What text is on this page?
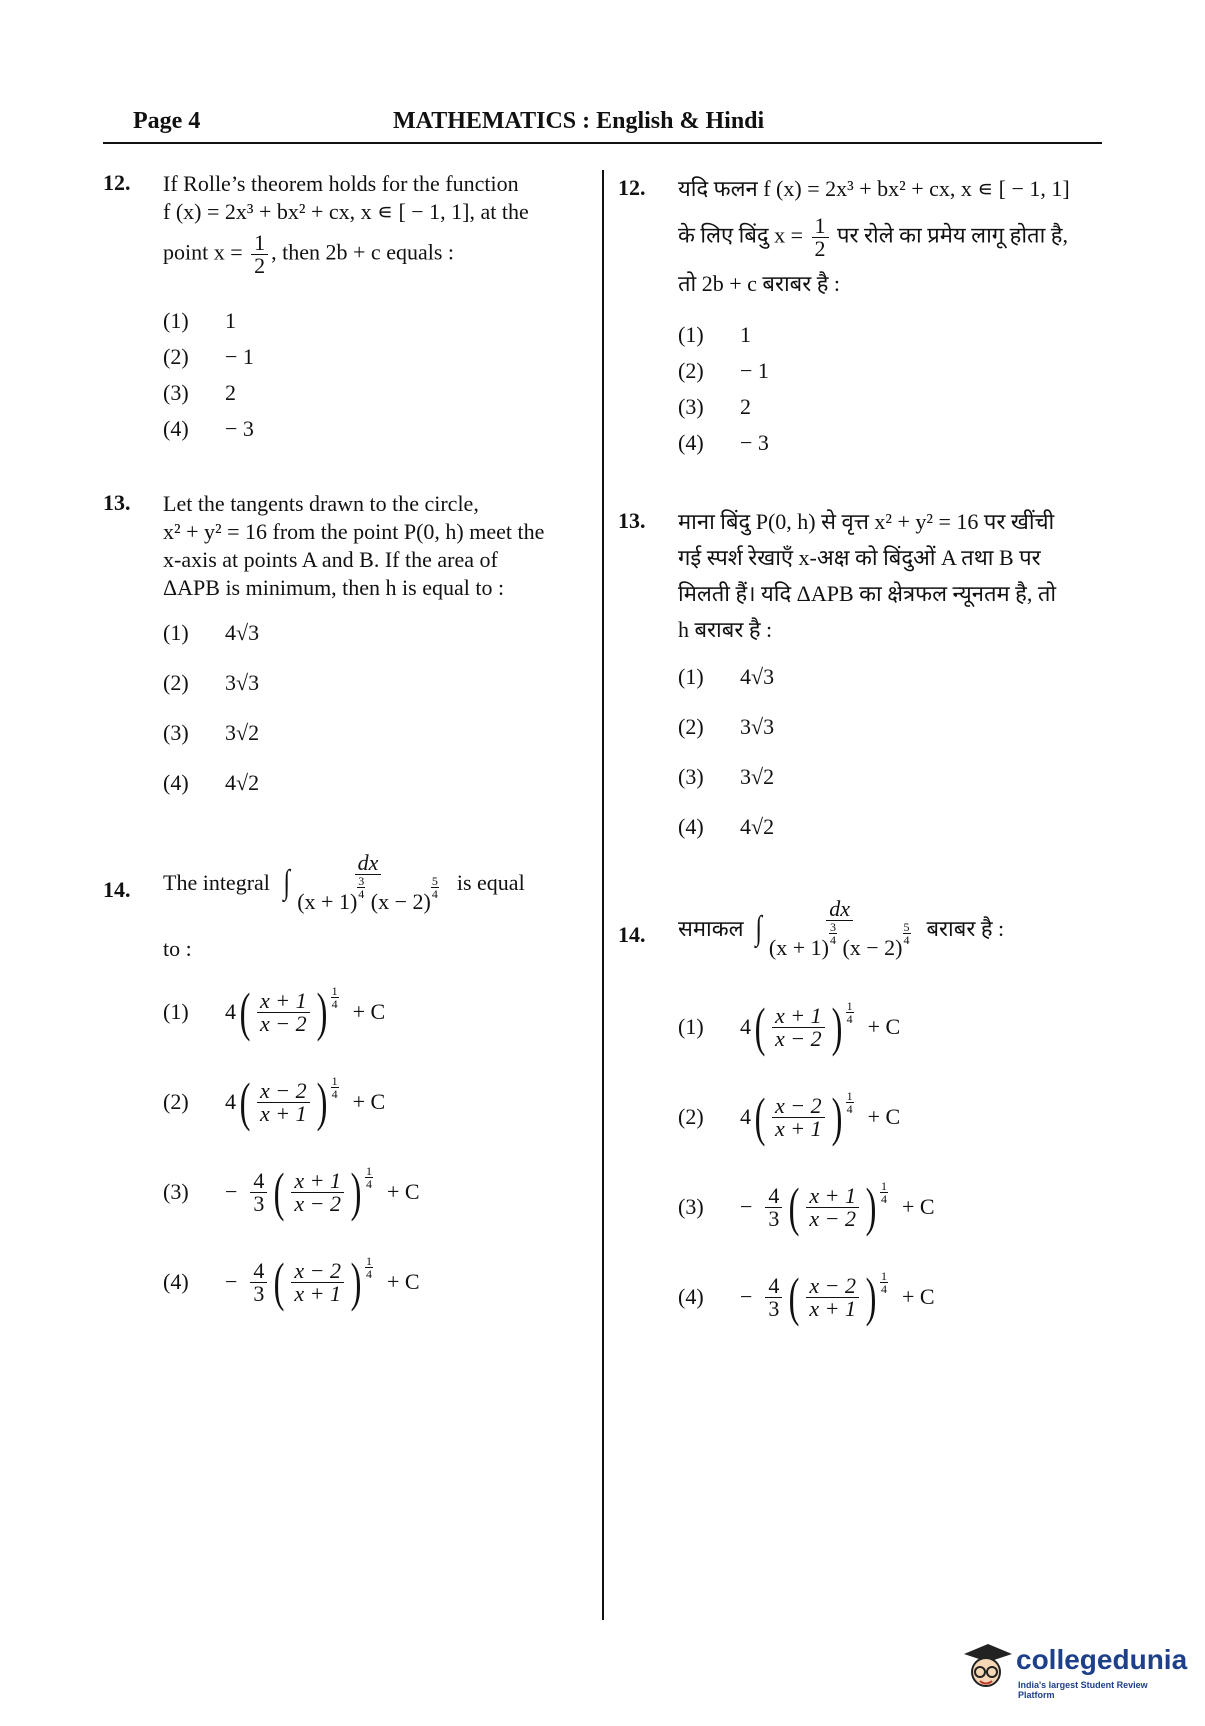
Page 4	MATHEMATICS : English & Hindi
12. If Rolle’s theorem holds for the function
f (x) = 2x³ + bx² + cx, x ∊ [ − 1, 1], at the
point $x = \frac{1}{2}$ , then 2b + c equals :
(1)	1
(2)	− 1
(3)	2
(4)	− 3
13. Let the tangents drawn to the circle,
x² + y² = 16 from the point P(0, h) meet the
x-axis at points A and B. If the area of
ΔAPB is minimum, then h is equal to :
(1)	4√3
(2)	3√3
(3)	3√2
(4)	4√2
14. The integral ∫ dx
(x + 1)
$\frac{3}{4}$
(x − 2)
$\frac{5}{4}$ is equal
to :
(1)	4 ( $\frac{x + 1}{x - 2}$ ) $\frac{1}{4}$
+ C
(2)	4 ( $\frac{x - 2}{x + 1}$ ) $\frac{1}{4}$
+ C
(3)	− $\frac{4}{3}$ ( $\frac{x + 1}{x - 2}$ ) $\frac{1}{4}$
+ C
(4)	− $\frac{4}{3}$ ( $\frac{x - 2}{x + 1}$ ) $\frac{1}{4}$
+ C
12. यदि फलन f (x) = 2x³ + bx² + cx, x ∊ [ − 1, 1]
के लिए बिंदु $x = \frac{1}{2}$ पर रोले का प्रमेय लागू होता है,
तो 2b + c बराबर है :
(1)	1
(2)	− 1
(3)	2
(4)	− 3
13. माना बिंदु P(0, h) से वृत्त x² + y² = 16 पर खींची
गई स्पर्श रेखाएँ x-अक्ष को बिंदुओं A तथा B पर
मिलती हैं। यदि ΔAPB का क्षेत्रफल न्यूनतम है, तो
h बराबर है :
(1)	4√3
(2)	3√3
(3)	3√2
(4)	4√2
14. समाकल ∫ dx
(x + 1)
$\frac{3}{4}$
(x − 2)
$\frac{5}{4}$ बराबर है :
(1)	4 ( $\frac{x + 1}{x - 2}$ ) $\frac{1}{4}$
+ C
(2)	4 ( $\frac{x - 2}{x + 1}$ ) $\frac{1}{4}$
+ C
(3)	− $\frac{4}{3}$ ( $\frac{x + 1}{x - 2}$ ) $\frac{1}{4}$
+ C
(4)	− $\frac{4}{3}$ ( $\frac{x - 2}{x + 1}$ ) $\frac{1}{4}$
+ C
collegedunia
India's largest Student Review Platform
